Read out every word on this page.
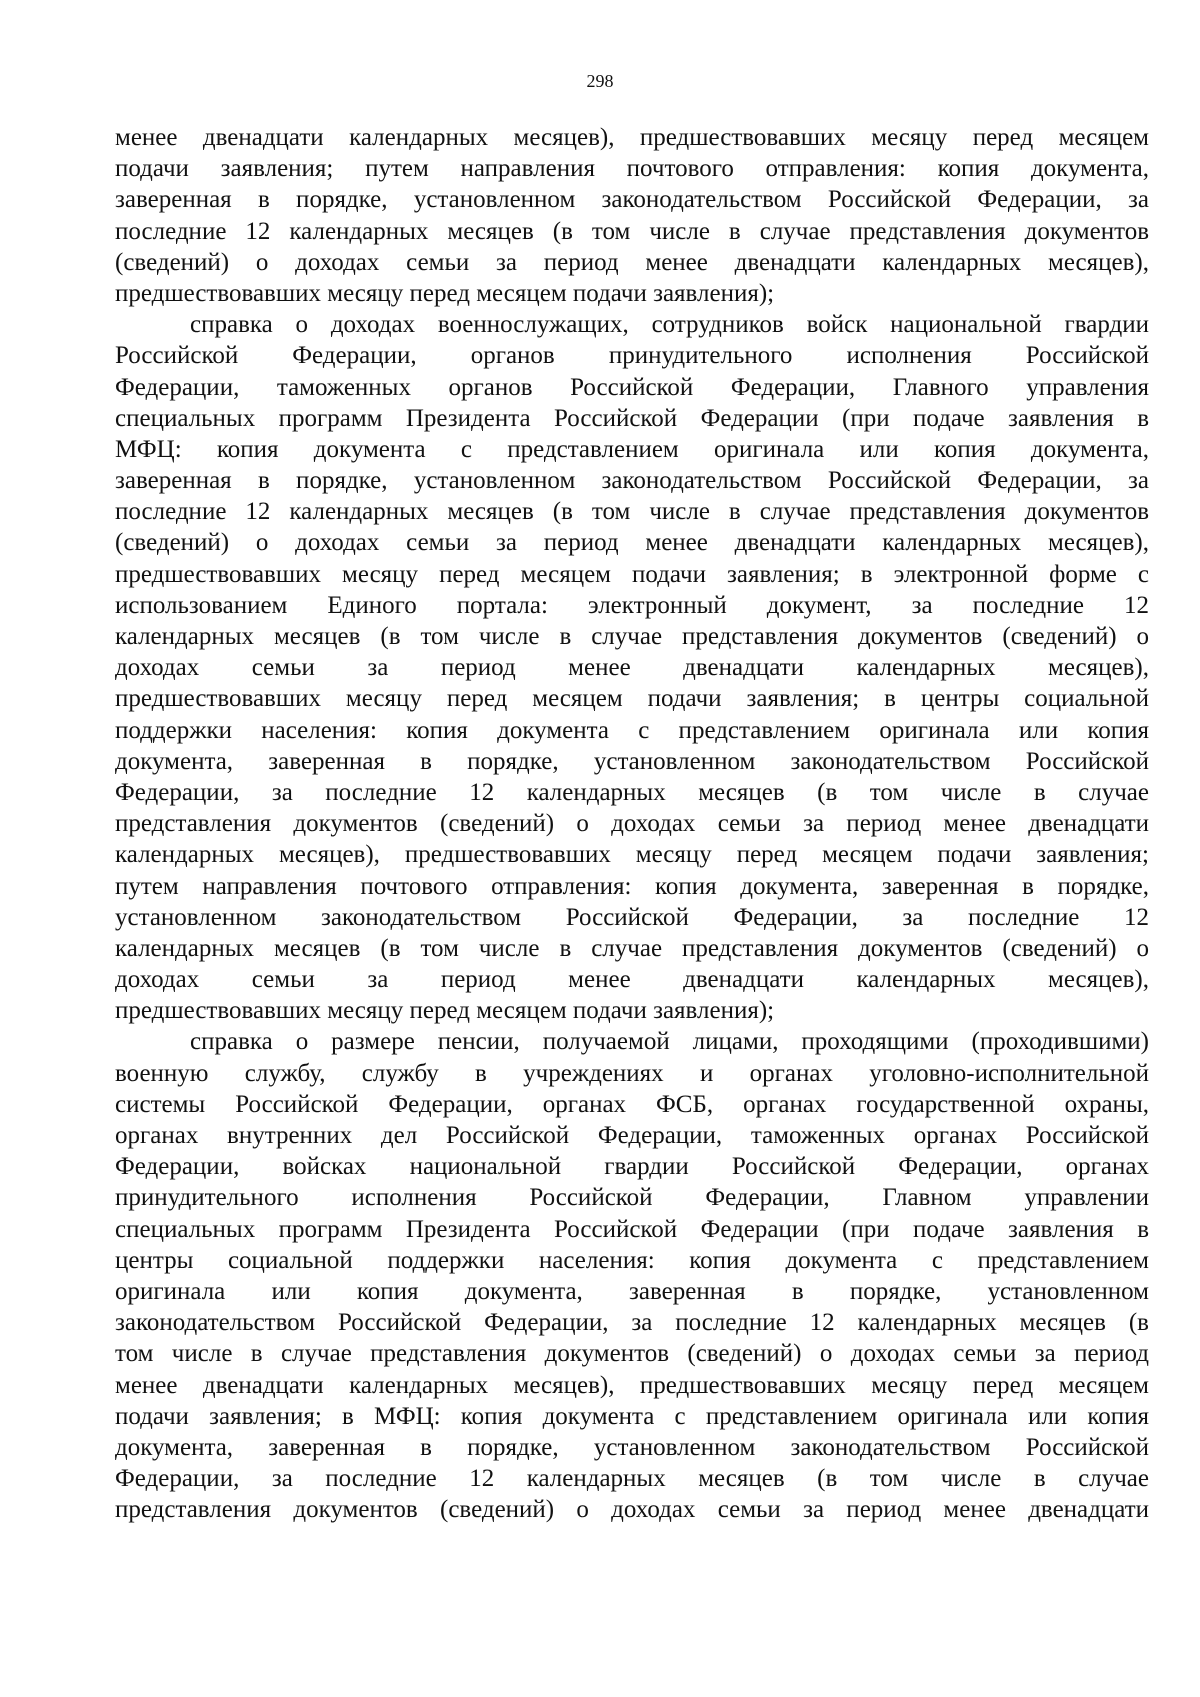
298
менее двенадцати календарных месяцев), предшествовавших месяцу перед месяцем
подачи заявления; путем направления почтового отправления: копия документа,
заверенная в порядке, установленном законодательством Российской Федерации, за
последние 12 календарных месяцев (в том числе в случае представления документов
(сведений) о доходах семьи за период менее двенадцати календарных месяцев),
предшествовавших месяцу перед месяцем подачи заявления);
справка о доходах военнослужащих, сотрудников войск национальной гвардии
Российской Федерации, органов принудительного исполнения Российской
Федерации, таможенных органов Российской Федерации, Главного управления
специальных программ Президента Российской Федерации (при подаче заявления в
МФЦ: копия документа с представлением оригинала или копия документа,
заверенная в порядке, установленном законодательством Российской Федерации, за
последние 12 календарных месяцев (в том числе в случае представления документов
(сведений) о доходах семьи за период менее двенадцати календарных месяцев),
предшествовавших месяцу перед месяцем подачи заявления; в электронной форме с
использованием Единого портала: электронный документ, за последние 12
календарных месяцев (в том числе в случае представления документов (сведений) о
доходах семьи за период менее двенадцати календарных месяцев),
предшествовавших месяцу перед месяцем подачи заявления; в центры социальной
поддержки населения: копия документа с представлением оригинала или копия
документа, заверенная в порядке, установленном законодательством Российской
Федерации, за последние 12 календарных месяцев (в том числе в случае
представления документов (сведений) о доходах семьи за период менее двенадцати
календарных месяцев), предшествовавших месяцу перед месяцем подачи заявления;
путем направления почтового отправления: копия документа, заверенная в порядке,
установленном законодательством Российской Федерации, за последние 12
календарных месяцев (в том числе в случае представления документов (сведений) о
доходах семьи за период менее двенадцати календарных месяцев),
предшествовавших месяцу перед месяцем подачи заявления);
справка о размере пенсии, получаемой лицами, проходящими (проходившими)
военную службу, службу в учреждениях и органах уголовно-исполнительной
системы Российской Федерации, органах ФСБ, органах государственной охраны,
органах внутренних дел Российской Федерации, таможенных органах Российской
Федерации, войсках национальной гвардии Российской Федерации, органах
принудительного исполнения Российской Федерации, Главном управлении
специальных программ Президента Российской Федерации (при подаче заявления в
центры социальной поддержки населения: копия документа с представлением
оригинала или копия документа, заверенная в порядке, установленном
законодательством Российской Федерации, за последние 12 календарных месяцев (в
том числе в случае представления документов (сведений) о доходах семьи за период
менее двенадцати календарных месяцев), предшествовавших месяцу перед месяцем
подачи заявления; в МФЦ: копия документа с представлением оригинала или копия
документа, заверенная в порядке, установленном законодательством Российской
Федерации, за последние 12 календарных месяцев (в том числе в случае
представления документов (сведений) о доходах семьи за период менее двенадцати
